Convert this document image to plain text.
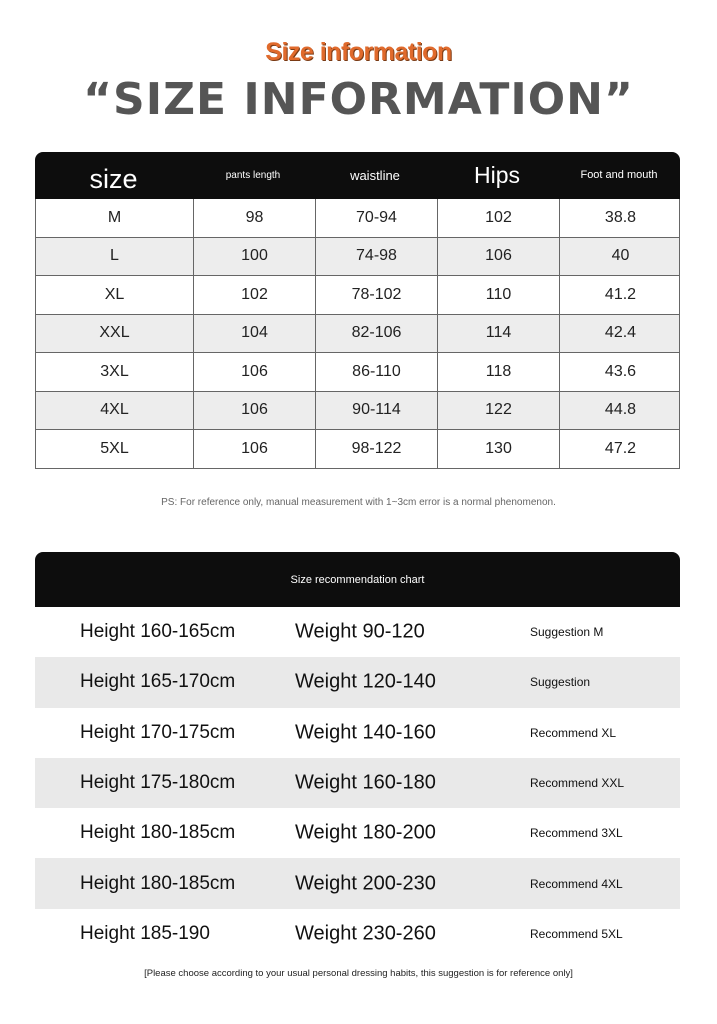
Size information
“SIZE INFORMATION”
size	pants length	waistline	Hips	Foot and mouth
M	98	70-94	102	38.8
L	100	74-98	106	40
XL	102	78-102	110	41.2
XXL	104	82-106	114	42.4
3XL	106	86-110	118	43.6
4XL	106	90-114	122	44.8
5XL	106	98-122	130	47.2
PS: For reference only, manual measurement with 1~3cm error is a normal phenomenon.
Size recommendation chart
Height 160-165cm	Weight 90-120	Suggestion M
Height 165-170cm	Weight 120-140	Suggestion
Height 170-175cm	Weight 140-160	Recommend XL
Height 175-180cm	Weight 160-180	Recommend XXL
Height 180-185cm	Weight 180-200	Recommend 3XL
Height 180-185cm	Weight 200-230	Recommend 4XL
Height 185-190	Weight 230-260	Recommend 5XL
[Please choose according to your usual personal dressing habits, this suggestion is for reference only]
